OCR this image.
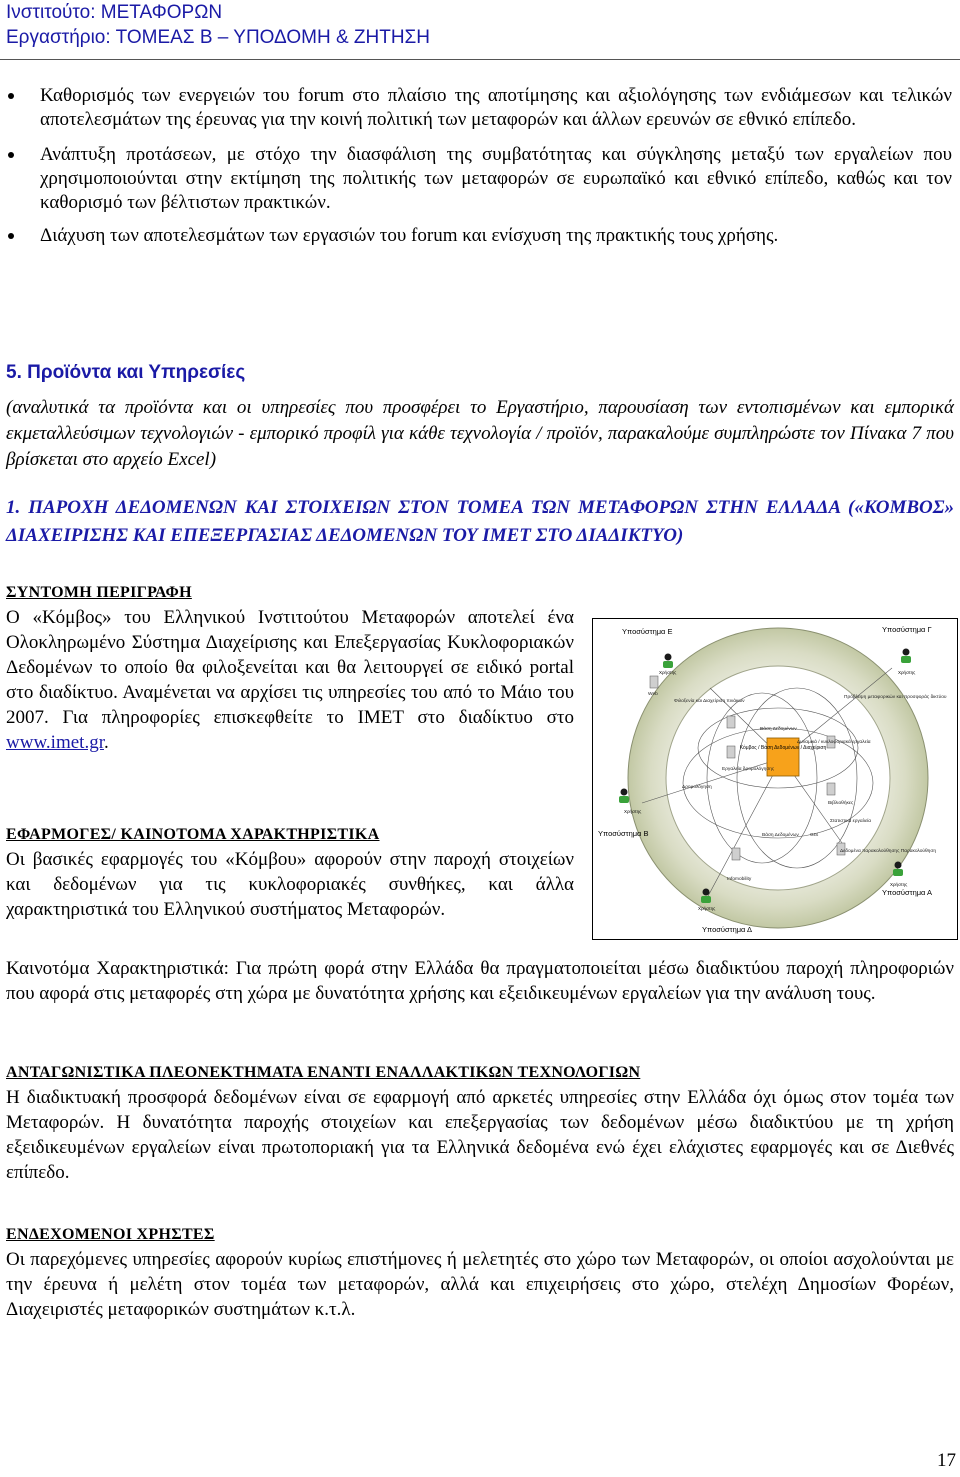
Ινστιτούτο: ΜΕΤΑΦΟΡΩΝ
Εργαστήριο: ΤΟΜΕΑΣ Β – ΥΠΟΔΟΜΗ & ΖΗΤΗΣΗ
Καθορισμός των ενεργειών του forum στο πλαίσιο της αποτίμησης και αξιολόγησης των ενδιάμεσων και τελικών αποτελεσμάτων της έρευνας για την κοινή πολιτική των μεταφορών και άλλων ερευνών σε εθνικό επίπεδο.
Ανάπτυξη προτάσεων, με στόχο την διασφάλιση της συμβατότητας και σύγκλησης μεταξύ των εργαλείων που χρησιμοποιούνται στην εκτίμηση της πολιτικής των μεταφορών σε ευρωπαϊκό και εθνικό επίπεδο, καθώς και τον καθορισμό των βέλτιστων πρακτικών.
Διάχυση των αποτελεσμάτων των εργασιών του forum και ενίσχυση της πρακτικής τους χρήσης.
5. Προϊόντα και Υπηρεσίες
(αναλυτικά τα προϊόντα και οι υπηρεσίες που προσφέρει το Εργαστήριο, παρουσίαση των εντοπισμένων και εμπορικά εκμεταλλεύσιμων τεχνολογιών - εμπορικό προφίλ για κάθε τεχνολογία / προϊόν, παρακαλούμε συμπληρώστε τον Πίνακα 7 που βρίσκεται στο αρχείο Excel)
1. ΠΑΡΟΧΗ ΔΕΔΟΜΕΝΩΝ ΚΑΙ ΣΤΟΙΧΕΙΩΝ ΣΤΟΝ ΤΟΜΕΑ ΤΩΝ ΜΕΤΑΦΟΡΩΝ ΣΤΗΝ ΕΛΛΑΔΑ («ΚΟΜΒΟΣ» ΔΙΑΧΕΙΡΙΣΗΣ ΚΑΙ ΕΠΕΞΕΡΓΑΣΙΑΣ ΔΕΔΟΜΕΝΩΝ ΤΟΥ ΙΜΕΤ ΣΤΟ ΔΙΑΔΙΚΤΥΟ)
ΣΥΝΤΟΜΗ ΠΕΡΙΓΡΑΦΗ
Ο «Κόμβος» του Ελληνικού Ινστιτούτου Μεταφορών αποτελεί ένα Ολοκληρωμένο Σύστημα Διαχείρισης και Επεξεργασίας Κυκλοφοριακών Δεδομένων το οποίο θα φιλοξενείται και θα λειτουργεί σε ειδικό portal στο διαδίκτυο. Αναμένεται να αρχίσει τις υπηρεσίες του από το Μάιο του 2007. Για πληροφορίες επισκεφθείτε το ΙΜΕΤ στο διαδίκτυο στο www.imet.gr.
ΕΦΑΡΜΟΓΕΣ/ ΚΑΙΝΟΤΟΜΑ ΧΑΡΑΚΤΗΡΙΣΤΙΚΑ
Οι βασικές εφαρμογές του «Κόμβου» αφορούν στην παροχή στοιχείων και δεδομένων για τις κυκλοφοριακές συνθήκες, και άλλα χαρακτηριστικά του Ελληνικού συστήματος Μεταφορών.
Καινοτόμα Χαρακτηριστικά: Για πρώτη φορά στην Ελλάδα θα πραγματοποιείται μέσω διαδικτύου παροχή πληροφοριών που αφορά στις μεταφορές στη χώρα με δυνατότητα χρήσης και εξειδικευμένων εργαλείων για την ανάλυση τους.
ΑΝΤΑΓΩΝΙΣΤΙΚΑ ΠΛΕΟΝΕΚΤΗΜΑΤΑ ΕΝΑΝΤΙ ΕΝΑΛΛΑΚΤΙΚΩΝ ΤΕΧΝΟΛΟΓΙΩΝ
Η διαδικτυακή προσφορά δεδομένων είναι σε εφαρμογή από αρκετές υπηρεσίες στην Ελλάδα όχι όμως στον τομέα των Μεταφορών. Η δυνατότητα παροχής στοιχείων και επεξεργασίας των δεδομένων μέσω διαδικτύου με τη χρήση εξειδικευμένων εργαλείων είναι πρωτοποριακή για τα Ελληνικά δεδομένα ενώ έχει ελάχιστες εφαρμογές και σε Διεθνές επίπεδο.
ΕΝΔΕΧΟΜΕΝΟΙ ΧΡΗΣΤΕΣ
Οι παρεχόμενες υπηρεσίες αφορούν κυρίως επιστήμονες ή μελετητές στο χώρο των Μεταφορών, οι οποίοι ασχολούνται με την έρευνα ή μελέτη στον τομέα των μεταφορών, αλλά και επιχειρήσεις στο χώρο, στελέχη Δημοσίων Φορέων, Διαχειριστές μεταφορικών συστημάτων κ.τ.λ.
Κόμβος / Βάση Δεδομένων / Διαχείριση
Υποσύστημα Ε	Υποσύστημα Γ
Υποσύστημα Β
Υποσύστημα Α
Υποσύστημα Δ
Χρήστης	Χρήστης
Χρήστης
Χρήστης
Χρήστης
Web
Φιλοξενία και Διαχείριση πινάκων
Βάση Δεδομένων
Δυναμικά / κυκλοφοριακά εργαλεία
Πρόβλεψη μεταφορικών και προσφοράς δικτύου
Εργαλεία δρομολόγησης
Δρομολόγηση
Βιβλιοθήκες
Στατιστικά εργαλεία
Βάση Δεδομένων GIS
Δεδομένα παρακολούθησης Παρακολούθηση
Infomobility
17
